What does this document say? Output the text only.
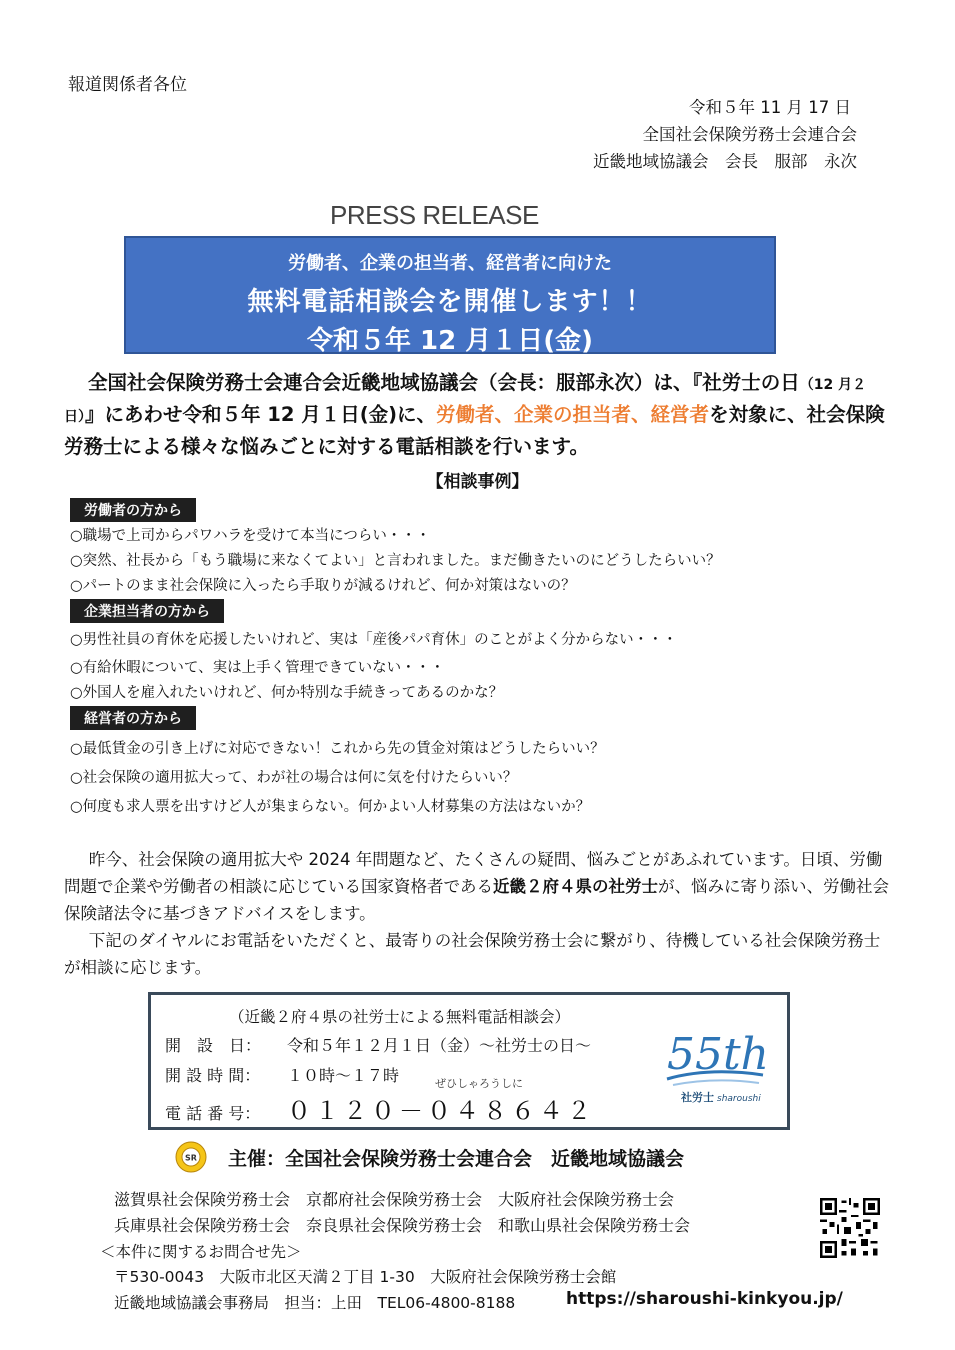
報道関係者各位
令和５年 11 月 17 日
全国社会保険労務士会連合会
近畿地域協議会　会長　服部　永次
PRESS RELEASE
労働者、企業の担当者、経営者に向けた
無料電話相談会を開催します！！
令和５年 12 月１日(金)
全国社会保険労務士会連合会近畿地域協議会（会長：服部永次）は、『社労士の日（12 月２日）』にあわせ令和５年 12 月１日(金)に、労働者、企業の担当者、経営者を対象に、社会保険労務士による様々な悩みごとに対する電話相談を行います。
【相談事例】
労働者の方から
○職場で上司からパワハラを受けて本当につらい・・・
○突然、社長から「もう職場に来なくてよい」と言われました。まだ働きたいのにどうしたらいい？
○パートのまま社会保険に入ったら手取りが減るけれど、何か対策はないの？
企業担当者の方から
○男性社員の育休を応援したいけれど、実は「産後パパ育休」のことがよく分からない・・・
○有給休暇について、実は上手く管理できていない・・・
○外国人を雇入れたいけれど、何か特別な手続きってあるのかな？
経営者の方から
○最低賃金の引き上げに対応できない！これから先の賃金対策はどうしたらいい？
○社会保険の適用拡大って、わが社の場合は何に気を付けたらいい？
○何度も求人票を出すけど人が集まらない。何かよい人材募集の方法はないか？

昨今、社会保険の適用拡大や 2024 年問題など、たくさんの疑問、悩みごとがあふれています。日頃、労働問題で企業や労働者の相談に応じている国家資格者である近畿２府４県の社労士が、悩みに寄り添い、労働社会保険諸法令に基づきアドバイスをします。

下記のダイヤルにお電話をいただくと、最寄りの社会保険労務士会に繋がり、待機している社会保険労務士が相談に応じます。

（近畿２府４県の社労士による無料電話相談会）
開　設　日： 令和５年１２月１日（金）～社労士の日～
開 設 時 間： １０時～１７時	ぜひしゃろうしに
電 話 番 号： ０１２０－０４８６４２
55th
社労士 sharoushi
SR 主催：全国社会保険労務士会連合会　近畿地域協議会
滋賀県社会保険労務士会　京都府社会保険労務士会　大阪府社会保険労務士会
兵庫県社会保険労務士会　奈良県社会保険労務士会　和歌山県社会保険労務士会
＜本件に関するお問合せ先＞
〒530-0043　大阪市北区天満２丁目 1-30　大阪府社会保険労務士会館
近畿地域協議会事務局　担当：上田　TEL06-4800-8188	https://sharoushi-kinkyou.jp/
